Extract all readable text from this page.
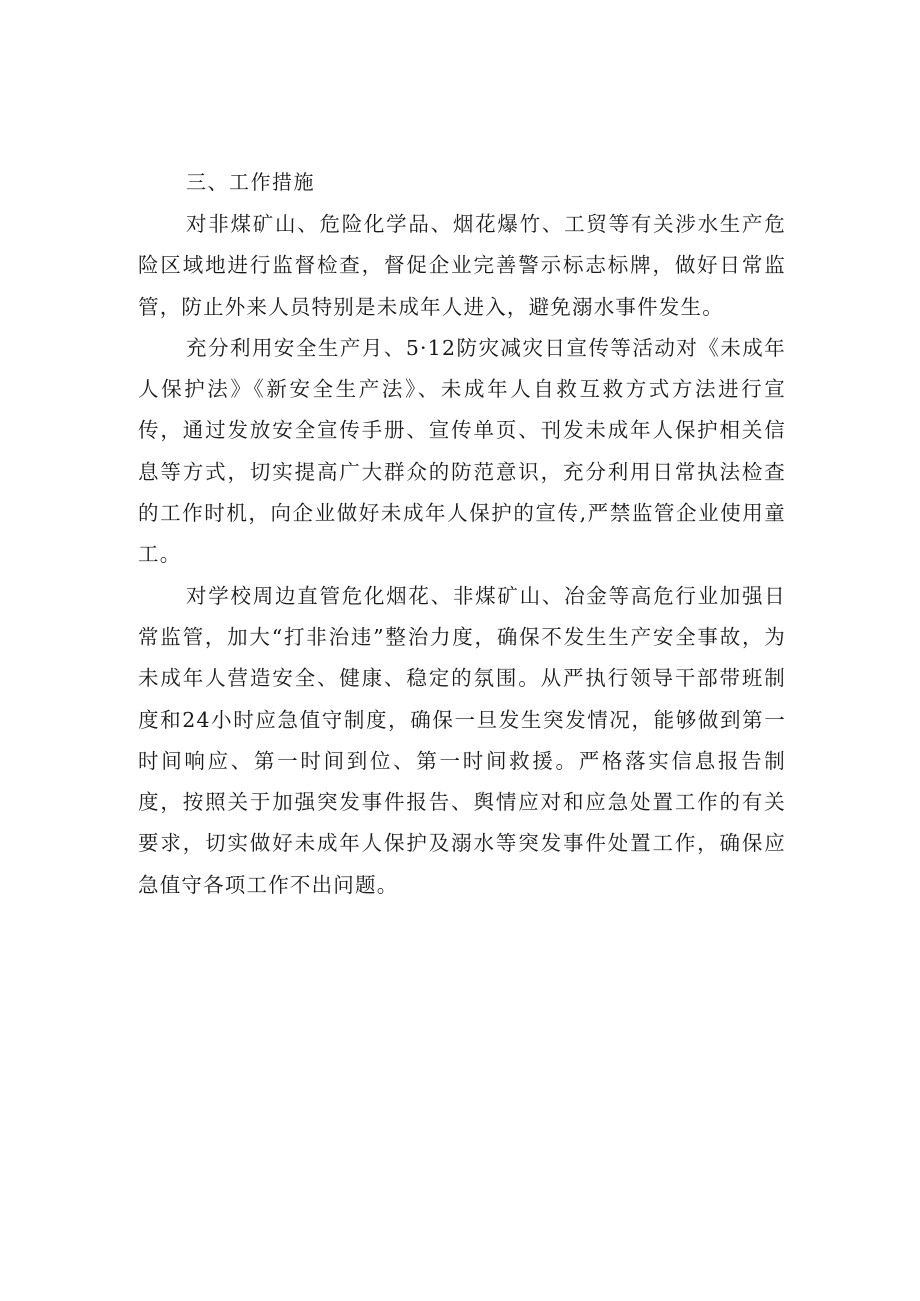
三、工作措施

对非煤矿山、危险化学品、烟花爆竹、工贸等有关涉水生产危险区域地进行监督检查，督促企业完善警示标志标牌，做好日常监管，防止外来人员特别是未成年人进入，避免溺水事件发生。

充分利用安全生产月、5·12防灾减灾日宣传等活动对《未成年人保护法》《新安全生产法》、未成年人自救互救方式方法进行宣传，通过发放安全宣传手册、宣传单页、刊发未成年人保护相关信息等方式，切实提高广大群众的防范意识，充分利用日常执法检查的工作时机，向企业做好未成年人保护的宣传,严禁监管企业使用童工。

对学校周边直管危化烟花、非煤矿山、冶金等高危行业加强日常监管，加大“打非治违”整治力度，确保不发生生产安全事故，为未成年人营造安全、健康、稳定的氛围。从严执行领导干部带班制度和24小时应急值守制度，确保一旦发生突发情况，能够做到第一时间响应、第一时间到位、第一时间救援。严格落实信息报告制度，按照关于加强突发事件报告、舆情应对和应急处置工作的有关要求，切实做好未成年人保护及溺水等突发事件处置工作，确保应急值守各项工作不出问题。
